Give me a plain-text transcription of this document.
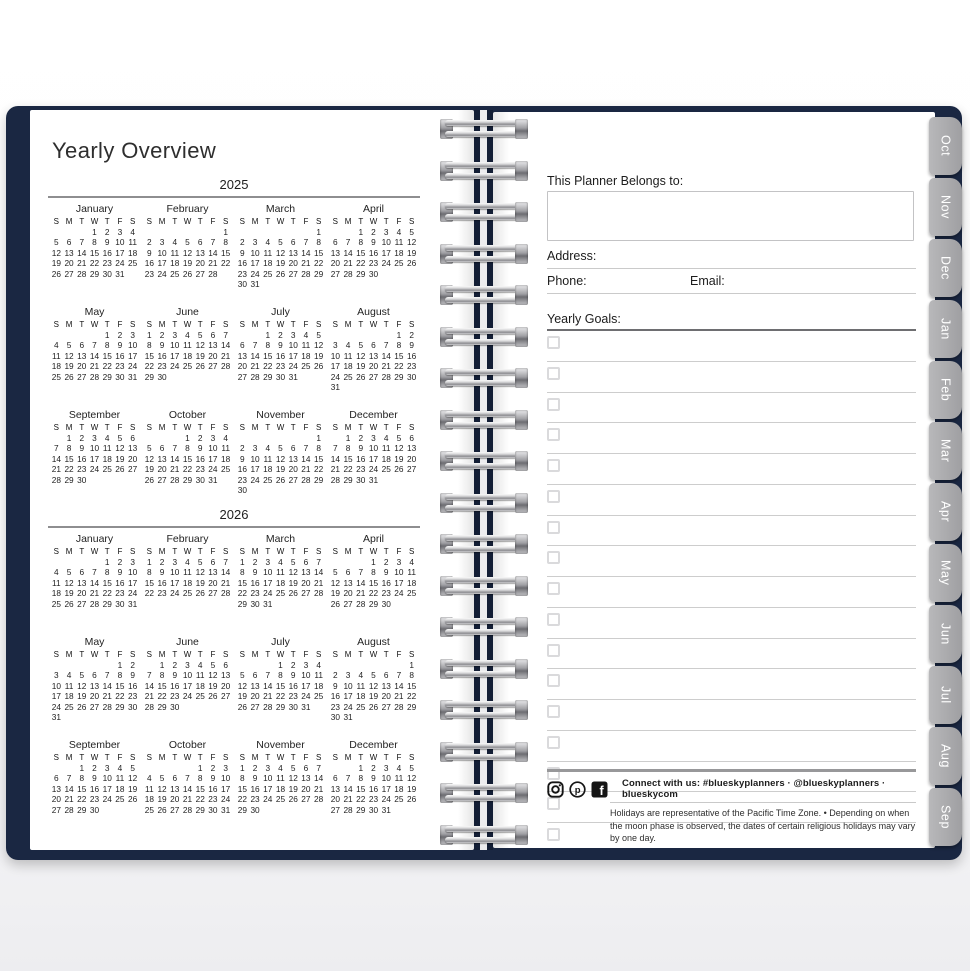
Oct
Nov
Dec
Jan
Feb
Mar
Apr
May
Jun
Jul
Aug
Sep
Yearly Overview
2025
January
S M T W T F S
1 2 3 4
5 6 7 8 9 10 11
12 13 14 15 16 17 18
19 20 21 22 23 24 25
26 27 28 29 30 31
February
S M T W T F S
1
2 3 4 5 6 7 8
9 10 11 12 13 14 15
16 17 18 19 20 21 22
23 24 25 26 27 28
March
S M T W T F S
1
2 3 4 5 6 7 8
9 10 11 12 13 14 15
16 17 18 19 20 21 22
23 24 25 26 27 28 29
30 31
April
S M T W T F S
1 2 3 4 5
6 7 8 9 10 11 12
13 14 15 16 17 18 19
20 21 22 23 24 25 26
27 28 29 30
May
S M T W T F S
1 2 3
4 5 6 7 8 9 10
11 12 13 14 15 16 17
18 19 20 21 22 23 24
25 26 27 28 29 30 31
June
S M T W T F S
1 2 3 4 5 6 7
8 9 10 11 12 13 14
15 16 17 18 19 20 21
22 23 24 25 26 27 28
29 30
July
S M T W T F S
1 2 3 4 5
6 7 8 9 10 11 12
13 14 15 16 17 18 19
20 21 22 23 24 25 26
27 28 29 30 31
August
S M T W T F S
1 2
3 4 5 6 7 8 9
10 11 12 13 14 15 16
17 18 19 20 21 22 23
24 25 26 27 28 29 30
31
September
S M T W T F S
1 2 3 4 5 6
7 8 9 10 11 12 13
14 15 16 17 18 19 20
21 22 23 24 25 26 27
28 29 30
October
S M T W T F S
1 2 3 4
5 6 7 8 9 10 11
12 13 14 15 16 17 18
19 20 21 22 23 24 25
26 27 28 29 30 31
November
S M T W T F S
1
2 3 4 5 6 7 8
9 10 11 12 13 14 15
16 17 18 19 20 21 22
23 24 25 26 27 28 29
30
December
S M T W T F S
1 2 3 4 5 6
7 8 9 10 11 12 13
14 15 16 17 18 19 20
21 22 23 24 25 26 27
28 29 30 31
2026
January
S M T W T F S
1 2 3
4 5 6 7 8 9 10
11 12 13 14 15 16 17
18 19 20 21 22 23 24
25 26 27 28 29 30 31
February
S M T W T F S
1 2 3 4 5 6 7
8 9 10 11 12 13 14
15 16 17 18 19 20 21
22 23 24 25 26 27 28
March
S M T W T F S
1 2 3 4 5 6 7
8 9 10 11 12 13 14
15 16 17 18 19 20 21
22 23 24 25 26 27 28
29 30 31
April
S M T W T F S
1 2 3 4
5 6 7 8 9 10 11
12 13 14 15 16 17 18
19 20 21 22 23 24 25
26 27 28 29 30
May
S M T W T F S
1 2
3 4 5 6 7 8 9
10 11 12 13 14 15 16
17 18 19 20 21 22 23
24 25 26 27 28 29 30
31
June
S M T W T F S
1 2 3 4 5 6
7 8 9 10 11 12 13
14 15 16 17 18 19 20
21 22 23 24 25 26 27
28 29 30
July
S M T W T F S
1 2 3 4
5 6 7 8 9 10 11
12 13 14 15 16 17 18
19 20 21 22 23 24 25
26 27 28 29 30 31
August
S M T W T F S
1
2 3 4 5 6 7 8
9 10 11 12 13 14 15
16 17 18 19 20 21 22
23 24 25 26 27 28 29
30 31
September
S M T W T F S
1 2 3 4 5
6 7 8 9 10 11 12
13 14 15 16 17 18 19
20 21 22 23 24 25 26
27 28 29 30
October
S M T W T F S
1 2 3
4 5 6 7 8 9 10
11 12 13 14 15 16 17
18 19 20 21 22 23 24
25 26 27 28 29 30 31
November
S M T W T F S
1 2 3 4 5 6 7
8 9 10 11 12 13 14
15 16 17 18 19 20 21
22 23 24 25 26 27 28
29 30
December
S M T W T F S
1 2 3 4 5
6 7 8 9 10 11 12
13 14 15 16 17 18 19
20 21 22 23 24 25 26
27 28 29 30 31
This Planner Belongs to:
Address:
Phone:	Email:
Yearly Goals:
p f
Connect with us: #blueskyplanners · @blueskyplanners · blueskycom
Holidays are representative of the Pacific Time Zone. • Depending on when the moon phase is observed, the dates of certain religious holidays may vary by one day.
